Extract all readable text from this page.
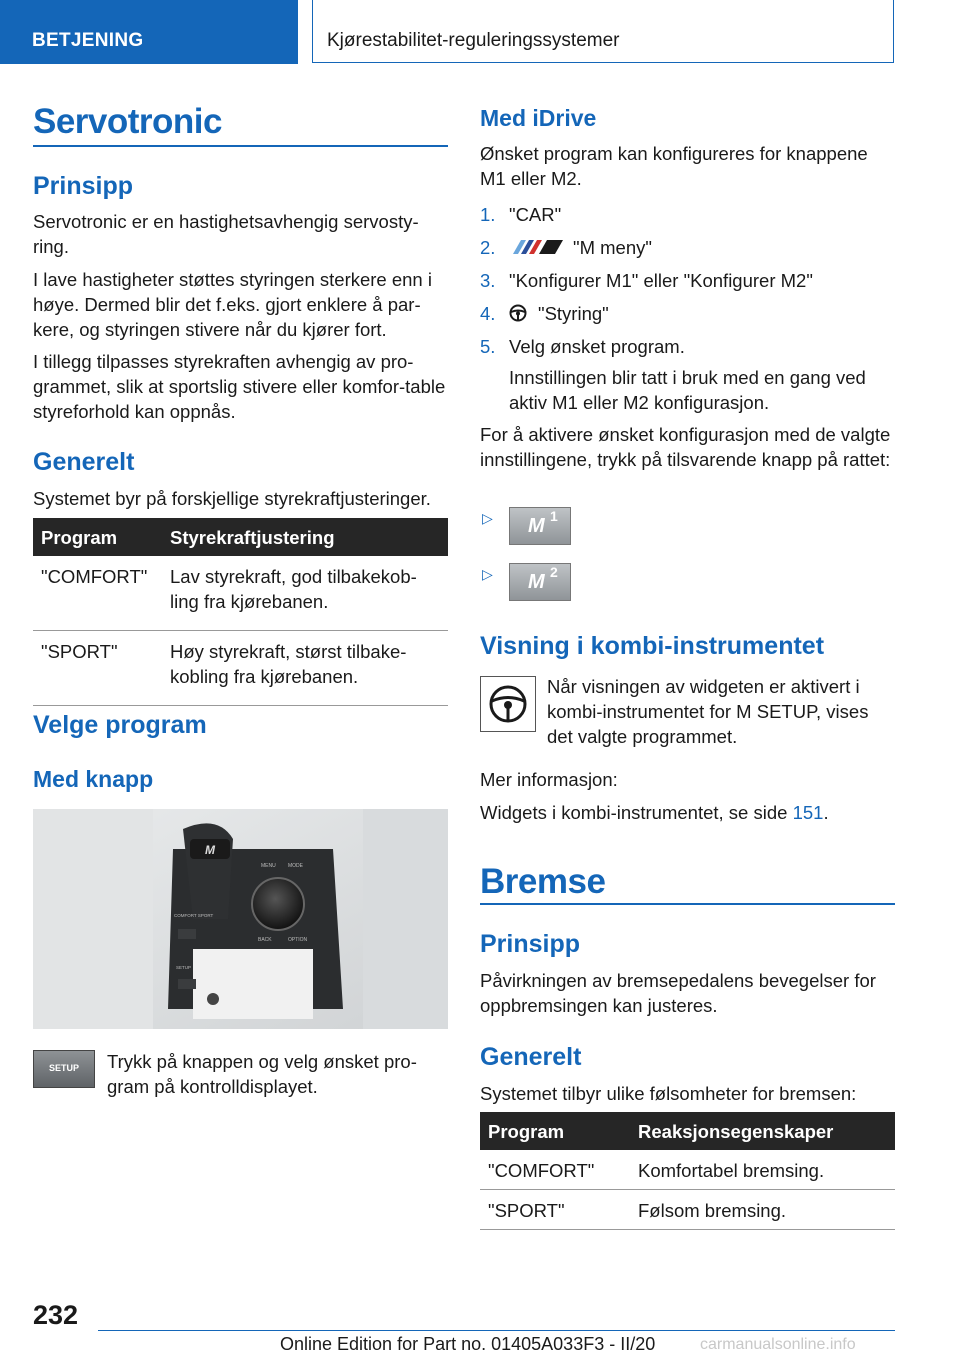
BETJENING	Kjørestabilitet-reguleringssystemer
Servotronic
Prinsipp

Servotronic er en hastighetsavhengig servosty-ring.

I lave hastigheter støttes styringen sterkere enn i høye. Dermed blir det f.eks. gjort enklere å par-kere, og styringen stivere når du kjører fort.

I tillegg tilpasses styrekraften avhengig av pro-grammet, slik at sportslig stivere eller komfor-table styreforhold kan oppnås.

Generelt

Systemet byr på forskjellige styrekraftjusteringer.

Program	Styrekraftjustering
"COMFORT"	Lav styrekraft, god tilbakekob-ling fra kjørebanen.
"SPORT"	Høy styrekraft, størst tilbake-kobling fra kjørebanen.
Velge program
Med knapp
M
MENU MODE
BACK	OPTION
SETUP
COMFORT SPORT
SETUP	Trykk på knappen og velg ønsket pro-gram på kontrolldisplayet.

Med iDrive

Ønsket program kan konfigureres for knappene M1 eller M2.

1. "CAR"
2.	"M meny"
3. "Konfigurer M1" eller "Konfigurer M2"
4. "Styring"
5. Velg ønsket program.

Innstillingen blir tatt i bruk med en gang ved aktiv M1 eller M2 konfigurasjon.

For å aktivere ønsket konfigurasjon med de valgte innstillingene, trykk på tilsvarende knapp på rattet:

▷ M 1
▷ M 2
Visning i kombi-instrumentet

Når visningen av widgeten er aktivert i kombi-instrumentet for M SETUP, vises det valgte programmet.

Mer informasjon:

Widgets i kombi-instrumentet, se side 151.

Bremse
Prinsipp

Påvirkningen av bremsepedalens bevegelser for oppbremsingen kan justeres.

Generelt

Systemet tilbyr ulike følsomheter for bremsen:

Program	Reaksjonsegenskaper
"COMFORT"	Komfortabel bremsing.
"SPORT"	Følsom bremsing.
232
Online Edition for Part no. 01405A033F3 - II/20	carmanualsonline.info
